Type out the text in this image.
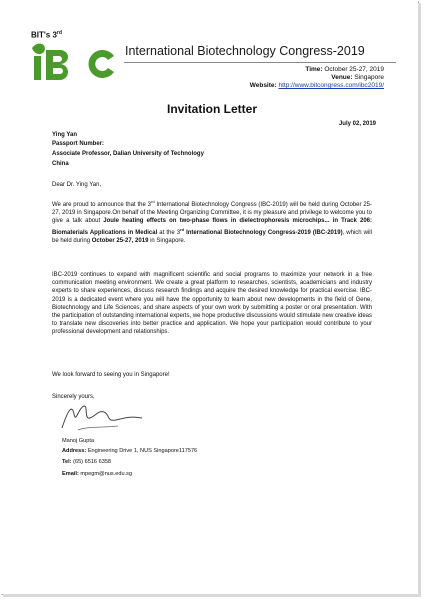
BIT's 3rd
IBC
International Biotechnology Congress-2019
Time: October 25-27, 2019
Venue: Singapore
Website: http://www.bitcongress.com/ibc2019/
Invitation Letter
July 02, 2019
Ying Yan
Passport Number:
Associate Professor, Dalian University of Technology
China
Dear Dr. Ying Yan,
We are proud to announce that the 3rd International Biotechnology Congress (IBC-2019) will be held during October 25-27, 2019 in Singapore.On behalf of the Meeting Organizing Committee, it is my pleasure and privilege to welcome you to give a talk about Joule heating effects on two-phase flows in dielectrophoresis microchips... in Track 206: Biomaterials Applications in Medical at the 3rd International Biotechnology Congress-2019 (IBC-2019), which will be held during October 25-27, 2019 in Singapore.
IBC-2019 continues to expand with magnificent scientific and social programs to maximize your network in a free communication meeting environment. We create a great platform to researches, scientists, academicians and industry experts to share experiences, discuss research findings and acquire the desired knowledge for practical exercise. IBC-2019 is a dedicated event where you will have the opportunity to learn about new developments in the field of Gene, Biotechnology and Life Sciences, and share aspects of your own work by submitting a poster or oral presentation. With the participation of outstanding international experts, we hope productive discussions would stimulate new creative ideas to translate new discoveries into better practice and application. We hope your participation would contribute to your professional development and relationships.
We look forward to seeing you in Singapore!
Sincerely yours,
Manoj Gupta
Address: Engineering Drive 1, NUS Singapore117576
Tel: (65) 6516 6358
Email: mpegm@nus.edu.sg
